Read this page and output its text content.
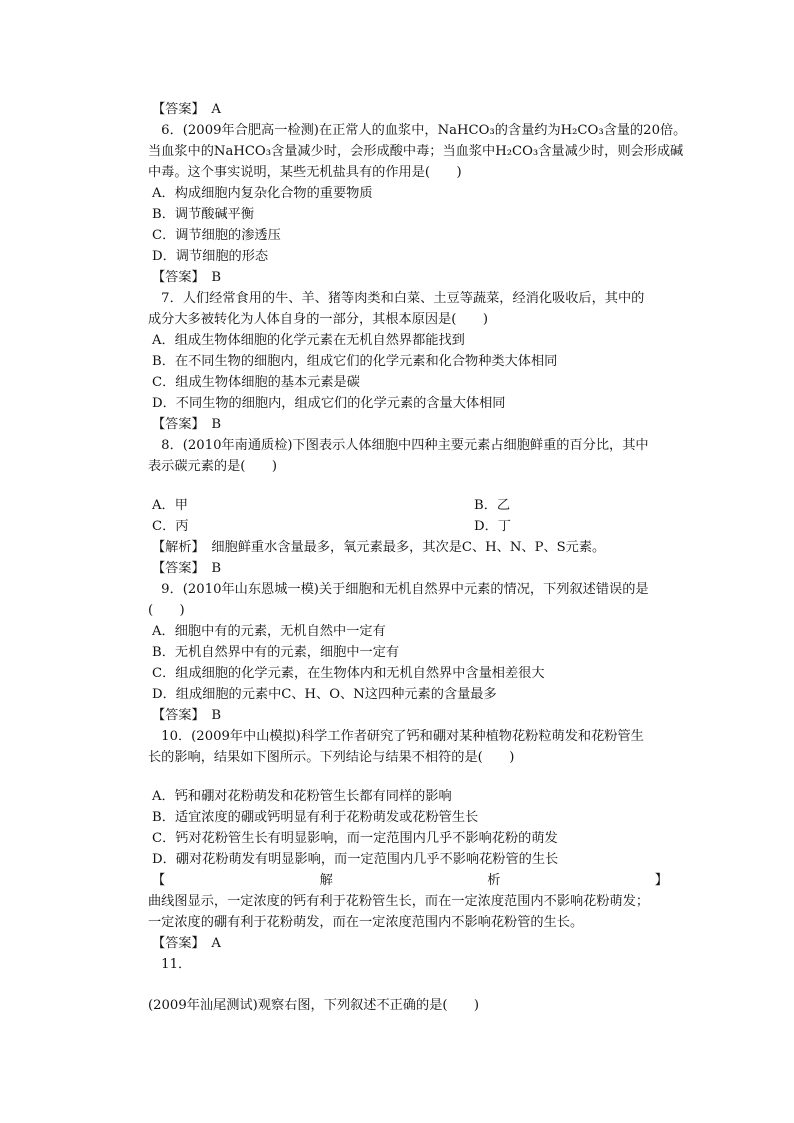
【答案】　A
　6．(2009年合肥高一检测)在正常人的血浆中，NaHCO₃的含量约为H₂CO₃含量的20倍。
当血浆中的NaHCO₃含量减少时，会形成酸中毒；当血浆中H₂CO₃含量减少时，则会形成碱
中毒。这个事实说明，某些无机盐具有的作用是(　　)
A．构成细胞内复杂化合物的重要物质
B．调节酸碱平衡
C．调节细胞的渗透压
D．调节细胞的形态
【答案】　B
　7．人们经常食用的牛、羊、猪等肉类和白菜、土豆等蔬菜，经消化吸收后，其中的
成分大多被转化为人体自身的一部分，其根本原因是(　　)
A．组成生物体细胞的化学元素在无机自然界都能找到
B．在不同生物的细胞内，组成它们的化学元素和化合物种类大体相同
C．组成生物体细胞的基本元素是碳
D．不同生物的细胞内，组成它们的化学元素的含量大体相同
【答案】　B
　8．(2010年南通质检)下图表示人体细胞中四种主要元素占细胞鲜重的百分比，其中
表示碳元素的是(　　)
A．甲	B．乙
C．丙	D．丁
【解析】　细胞鲜重水含量最多，氧元素最多，其次是C、H、N、P、S元素。
【答案】　B
　9．(2010年山东恩城一模)关于细胞和无机自然界中元素的情况，下列叙述错误的是
(　　)
A．细胞中有的元素，无机自然中一定有
B．无机自然界中有的元素，细胞中一定有
C．组成细胞的化学元素，在生物体内和无机自然界中含量相差很大
D．组成细胞的元素中C、H、O、N这四种元素的含量最多
【答案】　B
　10．(2009年中山模拟)科学工作者研究了钙和硼对某种植物花粉粒萌发和花粉管生
长的影响，结果如下图所示。下列结论与结果不相符的是(　　)
A．钙和硼对花粉萌发和花粉管生长都有同样的影响
B．适宜浓度的硼或钙明显有利于花粉萌发或花粉管生长
C．钙对花粉管生长有明显影响，而一定范围内几乎不影响花粉的萌发
D．硼对花粉萌发有明显影响，而一定范围内几乎不影响花粉管的生长
【	解	析	】
曲线图显示，一定浓度的钙有利于花粉管生长，而在一定浓度范围内不影响花粉萌发；
一定浓度的硼有利于花粉萌发，而在一定浓度范围内不影响花粉管的生长。
【答案】　A
　11．
(2009年汕尾测试)观察右图，下列叙述不正确的是(　　)
